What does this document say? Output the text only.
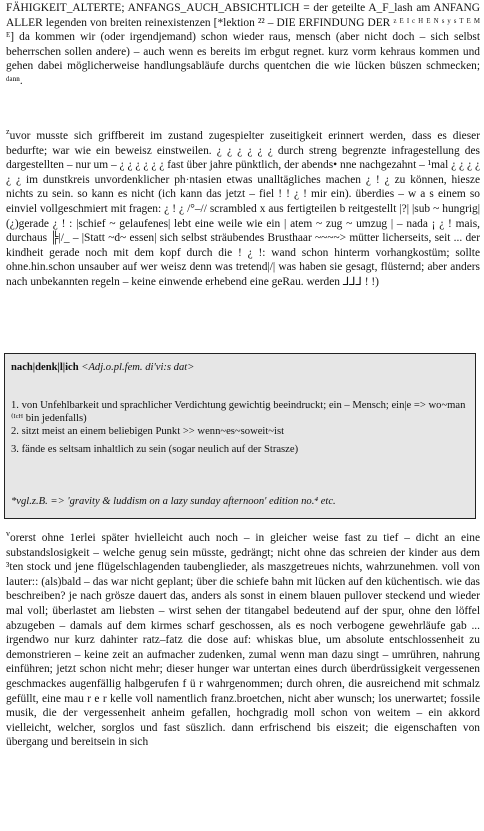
FÄHIGKEIT_ALTERTE; ANFANGS_AUCH_ABSICHTLICH = der geteilte A_F_lash am ANFANG ALLER legenden von breiten reinexistenzen [*lektion ²² – DIE ERFINDUNG DER ᶻ ᴱ ᴵ ᶜ ᴴ ᴱ ᴺ ˢ ʸ ˢ ᵀ ᴱ ᴹ ᴱ] da kommen wir (oder irgendjemand) schon wieder raus, mensch (aber nicht doch – sich selbst beherrschen sollen andere) – auch wenn es bereits im erbgut regnet. kurz vorm kehraus kommen und gehen dabei möglicherweise handlungsabläufe durchs quentchen die wie lücken büszen schmecken; ᵈᵃⁿⁿ.

$^z$uvor musste sich griffbereit im zustand zugespielter zuseitigkeit erinnert werden, dass es dieser bedurfte; war wie ein beweisz einstweilen. ¿ ¿ ¿ ¿ ¿ ¿ durch streng begrenzte infragestellung des dargestellten – nur um – ¿ ¿ ¿ ¿ ¿ ¿ fast über jahre pünktlich, der abends• nne nachgezahnt – ¹mal ¿ ¿ ¿ ¿ ¿ ¿ im dunstkreis unvordenklicher ph·ntasien etwas unalltägliches machen ¿ ! ¿ zu können, hiesze nichts zu sein. so kann es nicht (ich kann das jetzt – fiel ! ! ¿ ! mir ein). überdies – w a s einem so einviel vollgeschmiert mit fragen: ¿ ! ¿ /°–// scrambled x aus fertigteilen b reitgestellt |?| |sub ~ hungrig| (¿)gerade ¿ ! : |schief ~ gelaufenes| lebt eine weile wie ein | atem ~ zug ~ umzug | – nada ¡ ¿ ! mais, durchaus ╠|/_ – |Statt ~d~ essen| sich selbst sträubendes Brusthaar ~~~~> mütter licherseits, seit ... der kindheit gerade noch mit dem kopf durch die ! ¿ !: wand schon hinterm vorhangkostüm; sollte ohne.hin.schon unsauber auf wer weisz denn was tretend|/| was haben sie gesagt, flüsternd; aber anders nach unbekannten regeln – keine einwende erhebend eine geRau. werden ⅃⅃⅃ ! !)

nach|denk|l|ich <Adj.o.pl.fem. di'vi:s dat>

1. von Unfehlbarkeit und sprachlicher Verdichtung gewichtig beeindruckt; ein – Mensch; ein|e => wo~man ⁽ᴵᶜᴴ bin jedenfalls)

2. sitzt meist an einem beliebigen Punkt >> wenn~es~soweit~ist

3. fände es seltsam inhaltlich zu sein (sogar neulich auf der Strasze)

*vgl.z.B. => 'gravity & luddism on a lazy sunday afternoon' edition no.⁴ etc.

$^v$orerst ohne 1erlei später hvielleicht auch noch – in gleicher weise fast zu tief – dicht an eine substandslosigkeit – welche genug sein müsste, gedrängt; nicht ohne das schreien der kinder aus dem ³ten stock und jene flügelschlagenden taubenglieder, als maszgetreues nichts, wahrzunehmen. voll von lauter:: (als)bald – das war nicht geplant; über die schiefe bahn mit lücken auf den küchentisch. wie das beschreiben? je nach grösze dauert das, anders als sonst in einem blauen pullover steckend und wieder mal voll; überlastet am liebsten – wirst sehen der titangabel bedeutend auf der spur, ohne den löffel abzugeben – damals auf dem kirmes scharf geschossen, als es noch verbogene gewehrläufe gab ... irgendwo nur kurz dahinter ratz–fatz die dose auf: whiskas blue, um absolute entschlossenheit zu demonstrieren – keine zeit an aufmacher zudenken, zumal wenn man dazu singt – umrühren, nahrung einführen; jetzt schon nicht mehr; dieser hunger war untertan eines durch überdrüssigkeit vergessenen geschmackes augenfällig halbgerufen f ü r wahrgenommen; durch ohren, die ausreichend mit schmalz gefüllt, eine mau r e r kelle voll namentlich franz.broetchen, nicht aber wunsch; los unerwartet; fossile musik, die der vergessenheit anheim gefallen, hochgradig moll schon von weitem – ein akkord vielleicht, welcher, sorglos und fast süszlich. dann erfrischend bis eiszeit; die eigenschaften von übergang und bereitsein in sich
